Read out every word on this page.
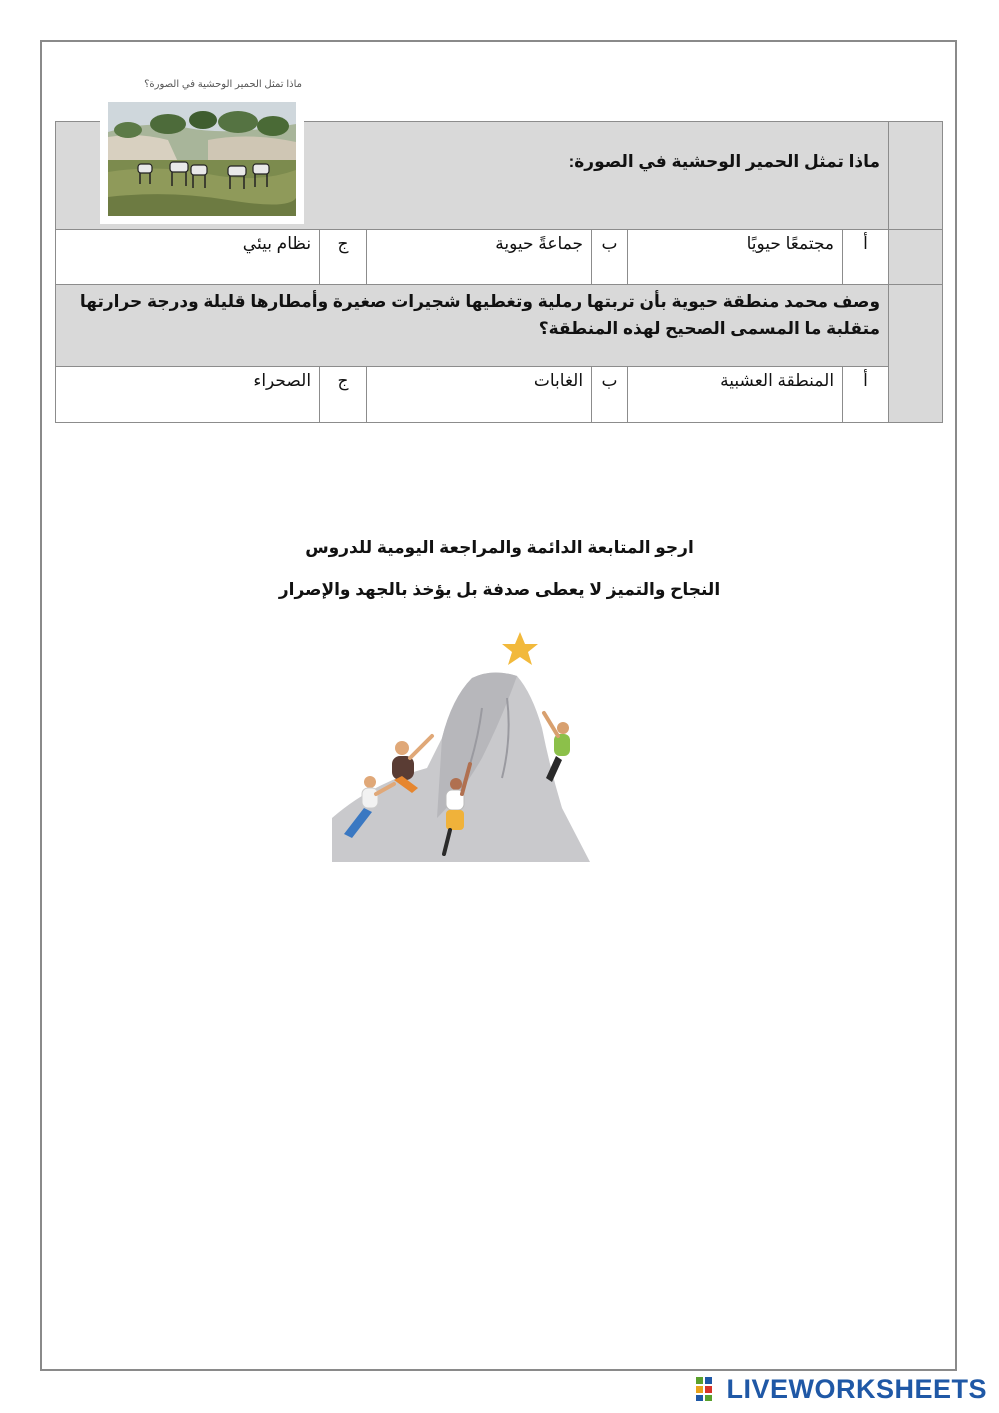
	ماذا تمثل الحمير الوحشية في الصورة:					
	أ	مجتمعًا حيويًا	ب	جماعةً حيوية	ج	نظام بيئي
	وصف محمد منطقة حيوية بأن تربتها رملية وتغطيها شجيرات صغيرة وأمطارها قليلة ودرجة حرارتها متقلبة ما المسمى الصحيح لهذه المنطقة؟					
	أ	المنطقة العشبية	ب	الغابات	ج	الصحراء
ماذا تمثل الحمير الوحشية في الصورة؟
ارجو المتابعة الدائمة والمراجعة اليومية للدروس
النجاح والتميز لا يعطى صدفة بل يؤخذ بالجهد والإصرار
LIVEWORKSHEETS
